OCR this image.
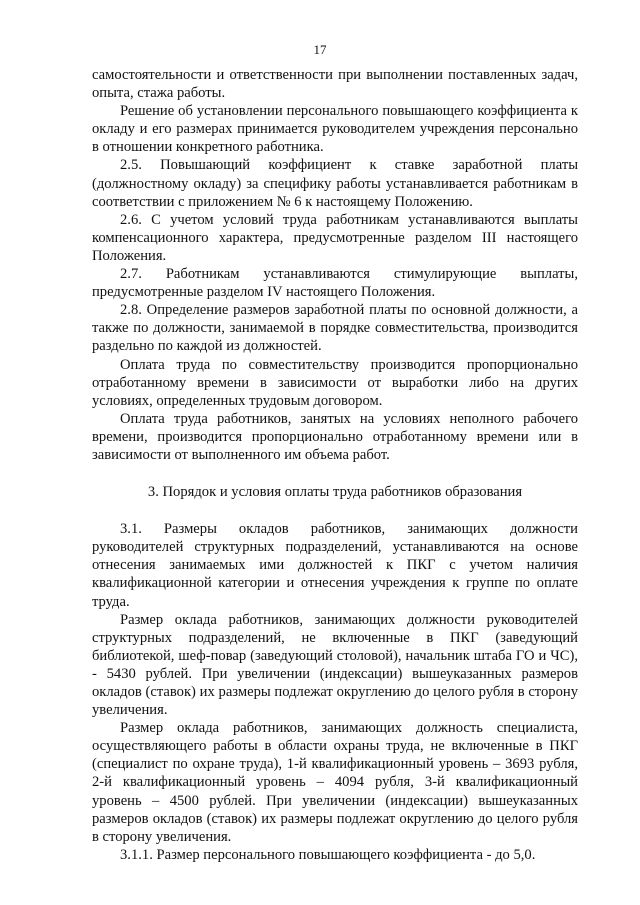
17

самостоятельности и ответственности при выполнении поставленных задач, опыта, стажа работы.

Решение об установлении персонального повышающего коэффициента к окладу и его размерах принимается руководителем учреждения персонально в отношении конкретного работника.

2.5. Повышающий коэффициент к ставке заработной платы (должностному окладу) за специфику работы устанавливается работникам в соответствии с приложением № 6 к настоящему Положению.

2.6. С учетом условий труда работникам устанавливаются выплаты компенсационного характера, предусмотренные разделом III настоящего Положения.

2.7. Работникам устанавливаются стимулирующие выплаты, предусмотренные разделом IV настоящего Положения.

2.8. Определение размеров заработной платы по основной должности, а также по должности, занимаемой в порядке совместительства, производится раздельно по каждой из должностей.

Оплата труда по совместительству производится пропорционально отработанному времени в зависимости от выработки либо на других условиях, определенных трудовым договором.

Оплата труда работников, занятых на условиях неполного рабочего времени, производится пропорционально отработанному времени или в зависимости от выполненного им объема работ.

3. Порядок и условия оплаты труда работников образования

3.1. Размеры окладов работников, занимающих должности руководителей структурных подразделений, устанавливаются на основе отнесения занимаемых ими должностей к ПКГ с учетом наличия квалификационной категории и отнесения учреждения к группе по оплате труда.

Размер оклада работников, занимающих должности руководителей структурных подразделений, не включенные в ПКГ (заведующий библиотекой, шеф-повар (заведующий столовой), начальник штаба ГО и ЧС), - 5430 рублей. При увеличении (индексации) вышеуказанных размеров окладов (ставок) их размеры подлежат округлению до целого рубля в сторону увеличения.

Размер оклада работников, занимающих должность специалиста, осуществляющего работы в области охраны труда, не включенные в ПКГ (специалист по охране труда), 1-й квалификационный уровень – 3693 рубля, 2-й квалификационный уровень – 4094 рубля, 3-й квалификационный уровень – 4500 рублей. При увеличении (индексации) вышеуказанных размеров окладов (ставок) их размеры подлежат округлению до целого рубля в сторону увеличения.

3.1.1. Размер персонального повышающего коэффициента - до 5,0.
